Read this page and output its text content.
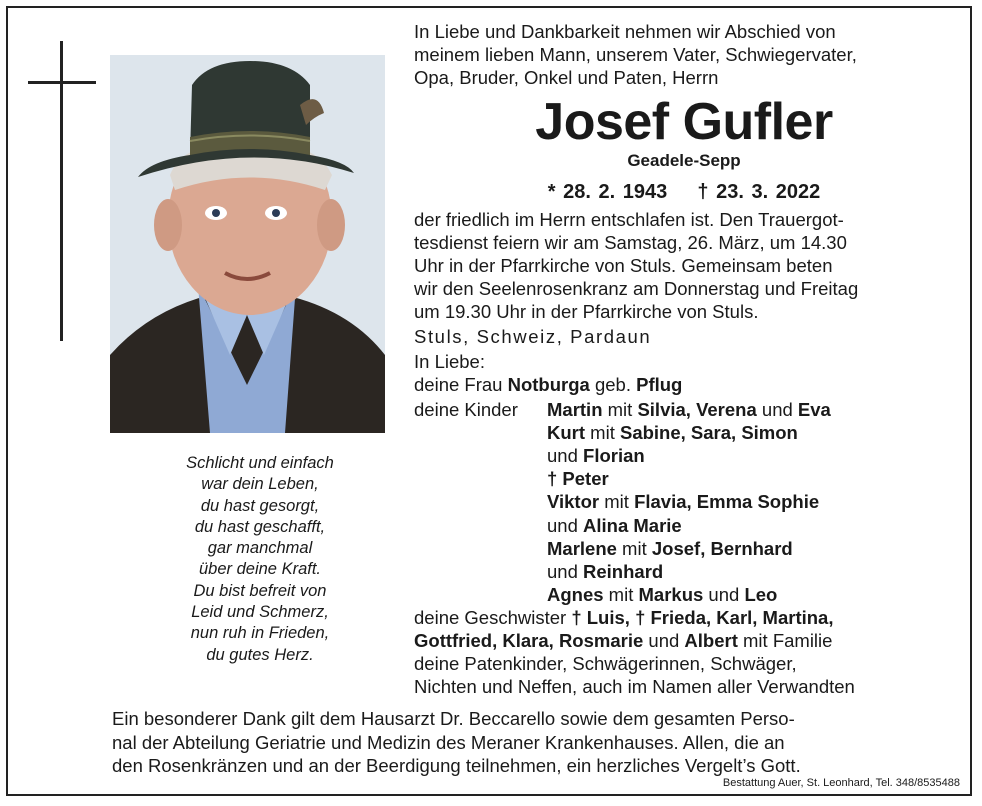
Schlicht und einfach
war dein Leben,
du hast gesorgt,
du hast geschafft,
gar manchmal
über deine Kraft.
Du bist befreit von
Leid und Schmerz,
nun ruh in Frieden,
du gutes Herz.
In Liebe und Dankbarkeit nehmen wir Abschied von
meinem lieben Mann, unserem Vater, Schwiegervater,
Opa, Bruder, Onkel und Paten, Herrn
Josef Gufler
Geadele-Sepp
* 28. 2. 1943    † 23. 3. 2022
der friedlich im Herrn entschlafen ist. Den Trauergot-
tesdienst feiern wir am Samstag, 26. März, um 14.30
Uhr in der Pfarrkirche von Stuls. Gemeinsam beten
wir den Seelenrosenkranz am Donnerstag und Freitag
um 19.30 Uhr in der Pfarrkirche von Stuls.
Stuls, Schweiz, Pardaun
In Liebe:
deine Frau Notburga geb. Pflug
deine Kinder Martin mit Silvia, Verena und Eva
Kurt mit Sabine, Sara, Simon
und Florian
† Peter
Viktor mit Flavia, Emma Sophie
und Alina Marie
Marlene mit Josef, Bernhard
und Reinhard
Agnes mit Markus und Leo
deine Geschwister † Luis, † Frieda, Karl, Martina,
Gottfried, Klara, Rosmarie und Albert mit Familie
deine Patenkinder, Schwägerinnen, Schwäger,
Nichten und Neffen, auch im Namen aller Verwandten
Ein besonderer Dank gilt dem Hausarzt Dr. Beccarello sowie dem gesamten Perso-
nal der Abteilung Geriatrie und Medizin des Meraner Krankenhauses. Allen, die an
den Rosenkränzen und an der Beerdigung teilnehmen, ein herzliches Vergelt’s Gott.
Bestattung Auer, St. Leonhard, Tel. 348/8535488
